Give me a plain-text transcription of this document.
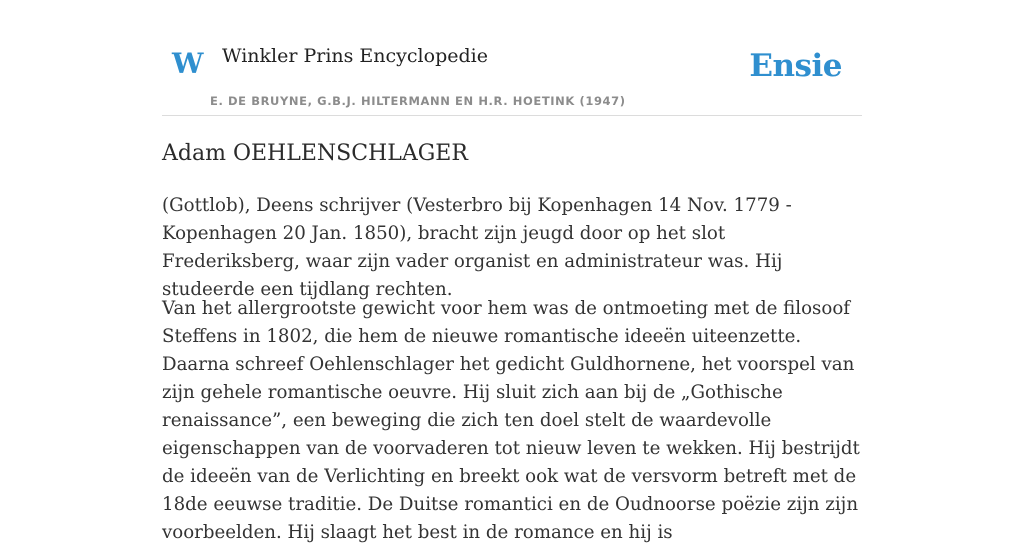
W Winkler Prins Encyclopedie	Ensie
E. DE BRUYNE, G.B.J. HILTERMANN EN H.R. HOETINK (1947)
Adam OEHLENSCHLAGER

(Gottlob), Deens schrijver (Vesterbro bij Kopenhagen 14 Nov. 1779 - Kopenhagen 20 Jan. 1850), bracht zijn jeugd door op het slot Frederiksberg, waar zijn vader organist en administrateur was. Hij studeerde een tijdlang rechten.

Van het allergrootste gewicht voor hem was de ontmoeting met de filosoof Steffens in 1802, die hem de nieuwe romantische ideeën uiteenzette. Daarna schreef Oehlenschlager het gedicht Guldhornene, het voorspel van zijn gehele romantische oeuvre. Hij sluit zich aan bij de „Gothische renaissance”, een beweging die zich ten doel stelt de waardevolle eigenschappen van de voorvaderen tot nieuw leven te wekken. Hij bestrijdt de ideeën van de Verlichting en breekt ook wat de versvorm betreft met de 18de eeuwse traditie. De Duitse romantici en de Oudnoorse poëzie zijn zijn voorbeelden. Hij slaagt het best in de romance en hij is
